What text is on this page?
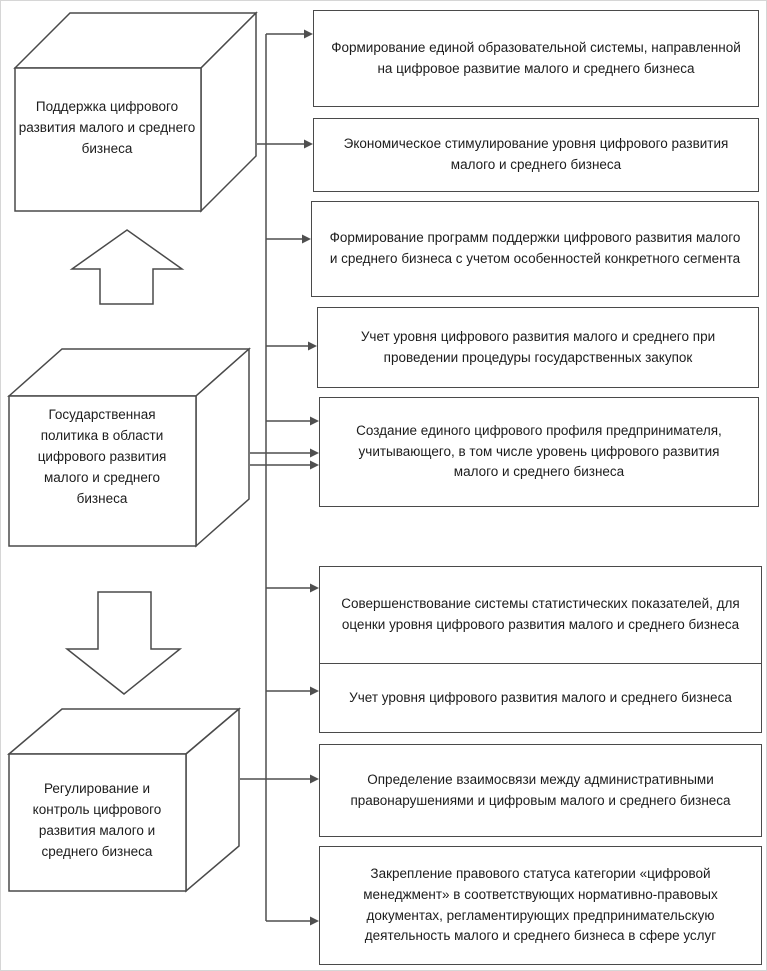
Поддержка цифрового развития малого и среднего бизнеса
Государственная политика в области цифрового развития малого и среднего бизнеса
Регулирование и контроль цифрового развития малого и среднего бизнеса
Формирование единой образовательной системы, направленной на цифровое развитие малого и среднего бизнеса
Экономическое стимулирование уровня цифрового развития малого и среднего бизнеса
Формирование программ поддержки цифрового развития малого и среднего бизнеса с учетом особенностей конкретного сегмента
Учет уровня цифрового развития малого и среднего при проведении процедуры государственных закупок
Создание единого цифрового профиля предпринимателя, учитывающего, в том числе уровень цифрового развития малого и среднего бизнеса
Совершенствование системы статистических показателей, для оценки уровня цифрового развития малого и среднего бизнеса
Учет уровня цифрового развития малого и среднего бизнеса
Определение взаимосвязи между административными правонарушениями и цифровым малого и среднего бизнеса
Закрепление правового статуса категории «цифровой менеджмент» в соответствующих нормативно-правовых документах, регламентирующих предпринимательскую деятельность малого и среднего бизнеса в сфере услуг
